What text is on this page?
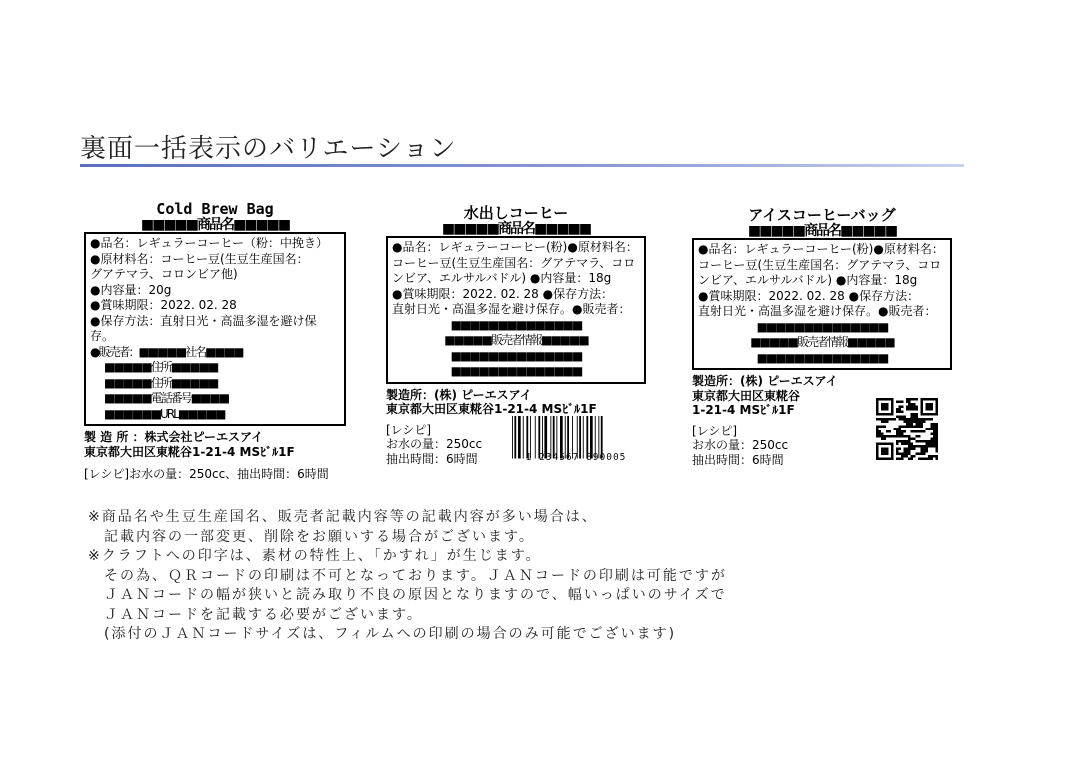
裏面一括表示のバリエーション
Cold Brew Bag
■■■■■商品名■■■■■
●品名：レギュラーコーヒー（粉：中挽き）
●原材料名：コーヒー豆(生豆生産国名：
グアテマラ、コロンビア他)
●内容量：20g
●賞味期限：2022. 02. 28
●保存方法：直射日光・高温多湿を避け保存。
●販売者：■■■■■社名■■■■
■■■■■住所■■■■■
■■■■■住所■■■■■
■■■■■電話番号■■■■
■■■■■■URL■■■■■
製 造 所 ：株式会社ピーエスアイ
東京都大田区東糀谷1-21-4 MSﾋﾞﾙ1F
[レシピ]お水の量：250cc、抽出時間：6時間
水出しコーヒー
■■■■■商品名■■■■■
●品名：レギュラーコーヒー(粉)●原材料名：
コーヒー豆(生豆生産国名：グアテマラ、コロ
ンビア、エルサルバドル) ●内容量：18g
●賞味期限：2022. 02. 28 ●保存方法：
直射日光・高温多湿を避け保存。●販売者：
■■■■■■■■■■■■■■
■■■■■販売者情報■■■■■
■■■■■■■■■■■■■■
■■■■■■■■■■■■■■
製造所：(株) ピーエスアイ
東京都大田区東糀谷1-21-4 MSﾋﾞﾙ1F
[レシピ]
お水の量：250cc
抽出時間：6時間	1 234567 890005
アイスコーヒーバッグ
■■■■■商品名■■■■■
●品名：レギュラーコーヒー(粉)●原材料名：
コーヒー豆(生豆生産国名：グアテマラ、コロ
ンビア、エルサルバドル) ●内容量：18g
●賞味期限：2022. 02. 28 ●保存方法：
直射日光・高温多湿を避け保存。●販売者：
■■■■■■■■■■■■■■
■■■■■販売者情報■■■■■
■■■■■■■■■■■■■■
製造所：(株) ピーエスアイ
東京都大田区東糀谷
1-21-4 MSﾋﾞﾙ1F
[レシピ]
お水の量：250cc
抽出時間：6時間
※商品名や生豆生産国名、販売者記載内容等の記載内容が多い場合は、
　記載内容の一部変更、削除をお願いする場合がございます。
※クラフトへの印字は、素材の特性上、「かすれ」が生じます。
　その為、ＱＲコードの印刷は不可となっております。ＪＡＮコードの印刷は可能ですが
　ＪＡＮコードの幅が狭いと読み取り不良の原因となりますので、幅いっぱいのサイズで
　ＪＡＮコードを記載する必要がございます。
　(添付のＪＡＮコードサイズは、フィルムへの印刷の場合のみ可能でございます)
